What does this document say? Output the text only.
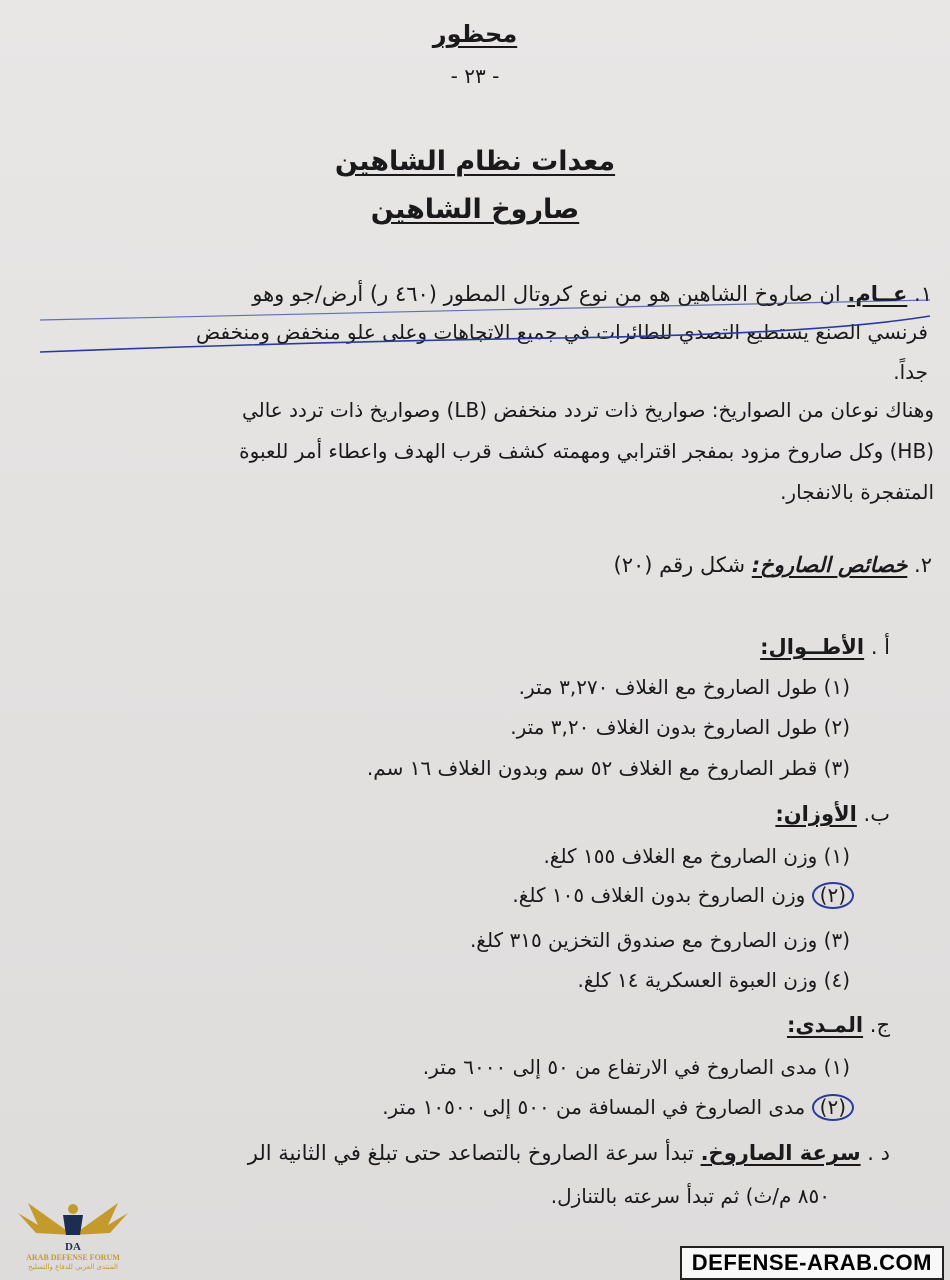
محظور
- ٢٣ -
معدات نظام الشاهين
صاروخ الشاهين
١. عــام. ان صاروخ الشاهين هو من نوع كروتال المطور (٤٦٠ ر) أرض/جو وهو
فرنسي الصنع يستطيع التصدي للطائرات في جميع الاتجاهات وعلى علو منخفض ومنخفض
جداً.
وهناك نوعان من الصواريخ: صواريخ ذات تردد منخفض (LB) وصواريخ ذات تردد عالي
(HB) وكل صاروخ مزود بمفجر اقترابي ومهمته كشف قرب الهدف واعطاء أمر للعبوة
المتفجرة بالانفجار.
٢. خصائص الصاروخ: شكل رقم (٢٠)
أ . الأطــوال:
(١) طول الصاروخ مع الغلاف ٣,٢٧٠ متر.
(٢) طول الصاروخ بدون الغلاف ٣,٢٠ متر.
(٣) قطر الصاروخ مع الغلاف ٥٢ سم وبدون الغلاف ١٦ سم.
ب. الأوزان:
(١) وزن الصاروخ مع الغلاف ١٥٥ كلغ.
(٢) وزن الصاروخ بدون الغلاف ١٠٥ كلغ.
(٣) وزن الصاروخ مع صندوق التخزين ٣١٥ كلغ.
(٤) وزن العبوة العسكرية ١٤ كلغ.
ج. المـدى:
(١) مدى الصاروخ في الارتفاع من ٥٠ إلى ٦٠٠٠ متر.
(٢) مدى الصاروخ في المسافة من ٥٠٠ إلى ١٠٥٠٠ متر.
د . سرعة الصاروخ. تبدأ سرعة الصاروخ بالتصاعد حتى تبلغ في الثانية الر
٨٥٠ م/ث) ثم تبدأ سرعته بالتنازل.
DA
ARAB DEFENSE FORUM
المنتدى العربي للدفاع والتسليح	DEFENSE-ARAB.COM
